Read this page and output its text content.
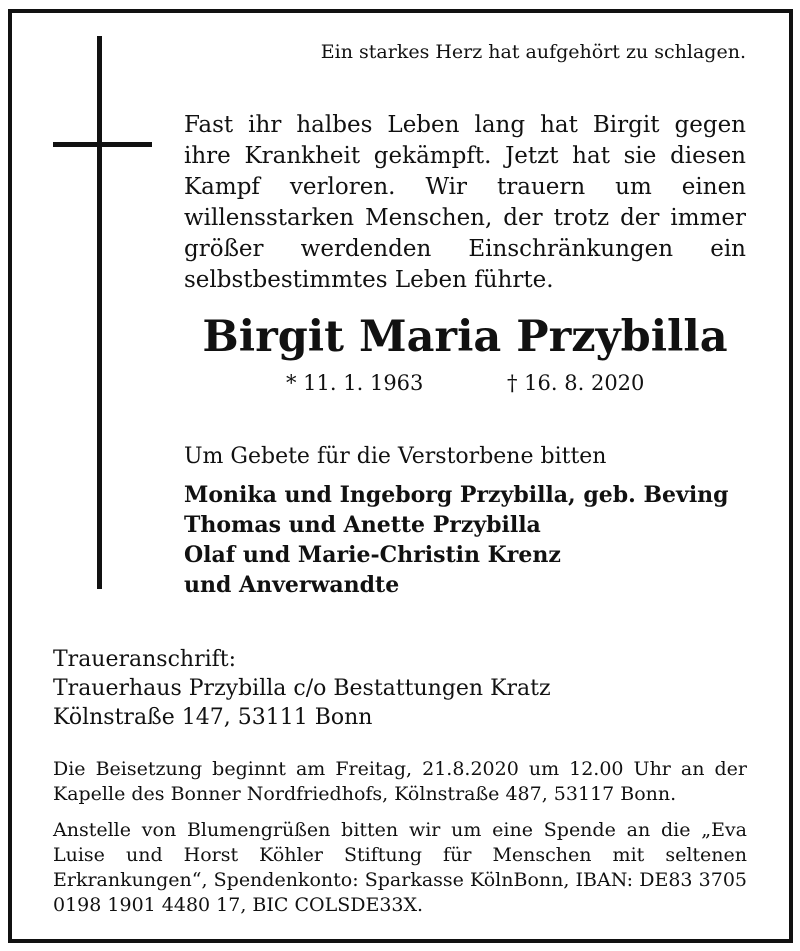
Ein starkes Herz hat aufgehört zu schlagen.
Fast ihr halbes Leben lang hat Birgit gegen ihre Krankheit gekämpft. Jetzt hat sie diesen Kampf verloren. Wir trauern um einen willensstarken Menschen, der trotz der immer größer werdenden Einschränkungen ein selbstbestimmtes Leben führte.
Birgit Maria Przybilla
* 11. 1. 1963	† 16. 8. 2020
Um Gebete für die Verstorbene bitten
Monika und Ingeborg Przybilla, geb. Beving
Thomas und Anette Przybilla
Olaf und Marie-Christin Krenz
und Anverwandte
Traueranschrift:
Trauerhaus Przybilla c/o Bestattungen Kratz
Kölnstraße 147, 53111 Bonn
Die Beisetzung beginnt am Freitag, 21.8.2020 um 12.00 Uhr an der Kapelle des Bonner Nordfriedhofs, Kölnstraße 487, 53117 Bonn.
Anstelle von Blumengrüßen bitten wir um eine Spende an die „Eva Luise und Horst Köhler Stiftung für Menschen mit seltenen Erkrankungen“, Spendenkonto: Sparkasse KölnBonn, IBAN: DE83 3705 0198 1901 4480 17, BIC COLSDE33X.
